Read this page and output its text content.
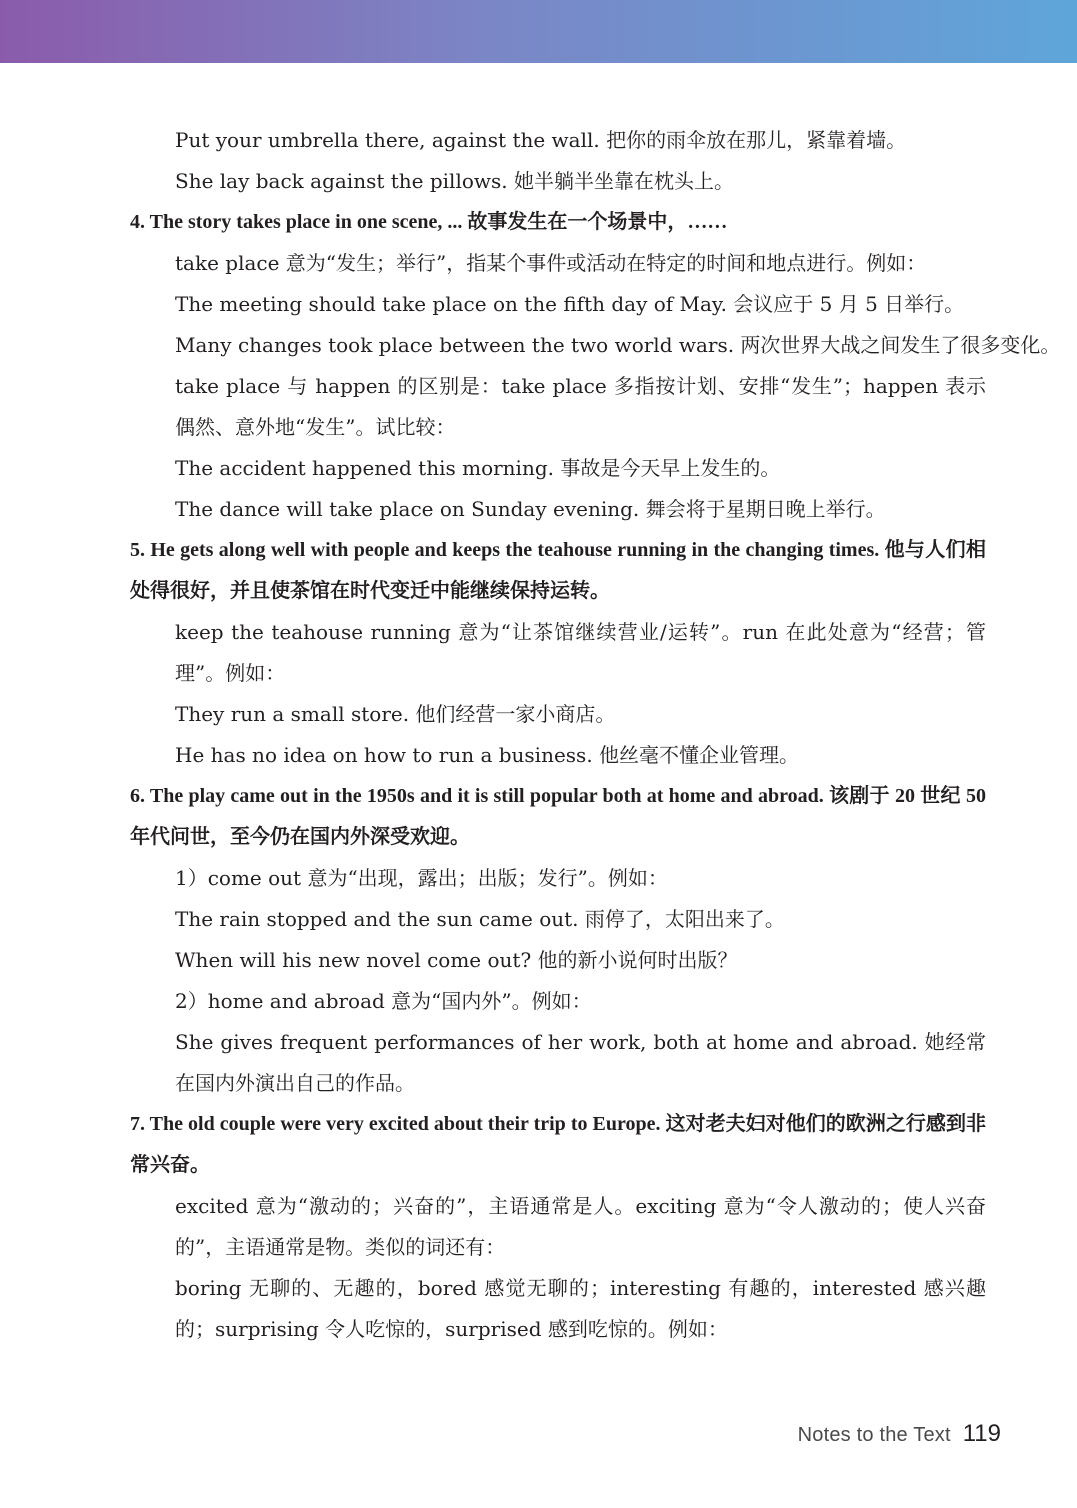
Put your umbrella there, against the wall. 把你的雨伞放在那儿，紧靠着墙。
She lay back against the pillows. 她半躺半坐靠在枕头上。
4. The story takes place in one scene, ... 故事发生在一个场景中，……
take place 意为“发生；举行”，指某个事件或活动在特定的时间和地点进行。例如：
The meeting should take place on the fifth day of May. 会议应于 5 月 5 日举行。
Many changes took place between the two world wars. 两次世界大战之间发生了很多变化。
take place 与 happen 的区别是：take place 多指按计划、安排“发生”；happen 表示偶然、意外地“发生”。试比较：
The accident happened this morning. 事故是今天早上发生的。
The dance will take place on Sunday evening. 舞会将于星期日晚上举行。
5. He gets along well with people and keeps the teahouse running in the changing times. 他与人们相处得很好，并且使茶馆在时代变迁中能继续保持运转。
keep the teahouse running 意为“让茶馆继续营业/运转”。run 在此处意为“经营；管理”。例如：
They run a small store. 他们经营一家小商店。
He has no idea on how to run a business. 他丝毫不懂企业管理。
6. The play came out in the 1950s and it is still popular both at home and abroad. 该剧于 20 世纪 50 年代问世，至今仍在国内外深受欢迎。
1）come out 意为“出现，露出；出版；发行”。例如：
The rain stopped and the sun came out. 雨停了，太阳出来了。
When will his new novel come out? 他的新小说何时出版？
2）home and abroad 意为“国内外”。例如：
She gives frequent performances of her work, both at home and abroad. 她经常在国内外演出自己的作品。
7. The old couple were very excited about their trip to Europe. 这对老夫妇对他们的欧洲之行感到非常兴奋。
excited 意为“激动的；兴奋的”，主语通常是人。exciting 意为“令人激动的；使人兴奋的”，主语通常是物。类似的词还有：
boring 无聊的、无趣的，bored 感觉无聊的；interesting 有趣的，interested 感兴趣的；surprising 令人吃惊的，surprised 感到吃惊的。例如：
Notes to the Text 119
